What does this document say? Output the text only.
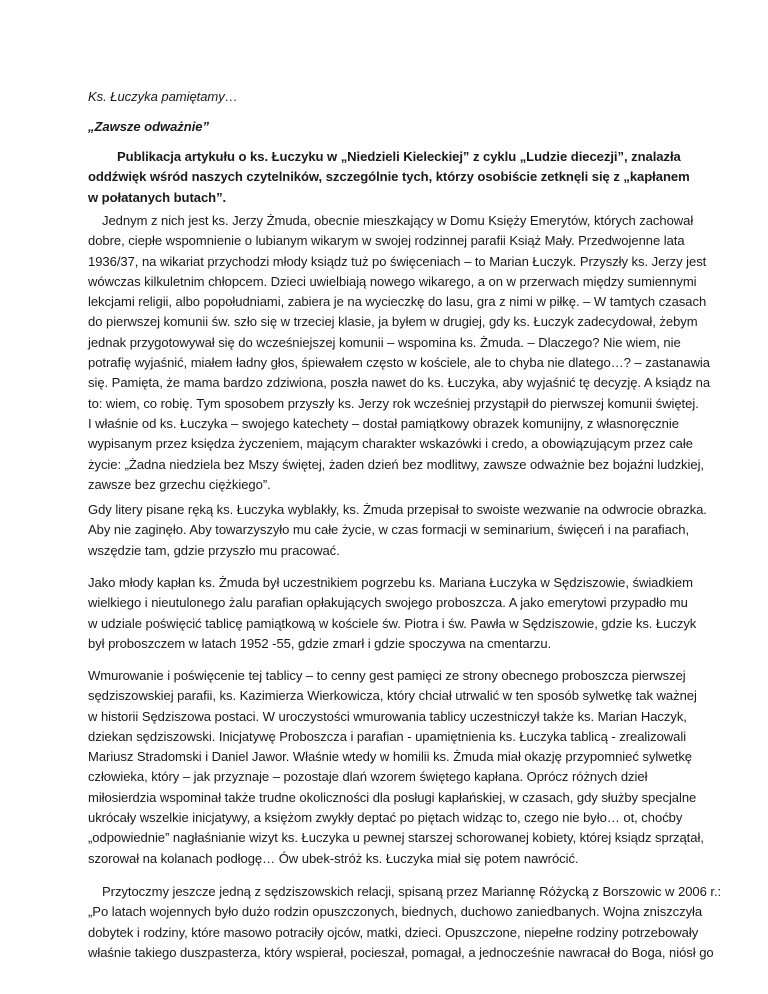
Ks. Łuczyka pamiętamy…
„Zawsze odważnie”
Publikacja artykułu o ks. Łuczyku w „Niedzieli Kieleckiej” z cyklu „Ludzie diecezji”, znalazła
oddźwięk wśród naszych czytelników, szczególnie tych, którzy osobiście zetknęli się z „kapłanem
w połatanych butach”.
Jednym z nich jest ks. Jerzy Żmuda, obecnie mieszkający w Domu Księży Emerytów, których zachował
dobre, ciepłe wspomnienie o lubianym wikarym w swojej rodzinnej parafii Książ Mały. Przedwojenne lata
1936/37, na wikariat przychodzi młody ksiądz tuż po święceniach – to Marian Łuczyk. Przyszły ks. Jerzy jest
wówczas kilkuletnim chłopcem. Dzieci uwielbiają nowego wikarego, a on w przerwach między sumiennymi
lekcjami religii, albo popołudniami, zabiera je na wycieczkę do lasu, gra z nimi w piłkę. – W tamtych czasach
do pierwszej komunii św. szło się w trzeciej klasie, ja byłem w drugiej, gdy ks. Łuczyk zadecydował, żebym
jednak przygotowywał się do wcześniejszej komunii – wspomina ks. Żmuda. – Dlaczego? Nie wiem, nie
potrafię wyjaśnić, miałem ładny głos, śpiewałem często w kościele, ale to chyba nie dlatego…? – zastanawia
się. Pamięta, że mama bardzo zdziwiona, poszła nawet do ks. Łuczyka, aby wyjaśnić tę decyzję. A ksiądz na
to: wiem, co robię. Tym sposobem przyszły ks. Jerzy rok wcześniej przystąpił do pierwszej komunii świętej.
I właśnie od ks. Łuczyka – swojego katechety – dostał pamiątkowy obrazek komunijny, z własnoręcznie
wypisanym przez księdza życzeniem, mającym charakter wskazówki i credo, a obowiązującym przez całe
życie: „Żadna niedziela bez Mszy świętej, żaden dzień bez modlitwy, zawsze odważnie bez bojaźni ludzkiej,
zawsze bez grzechu ciężkiego”.
Gdy litery pisane ręką ks. Łuczyka wyblakły, ks. Żmuda przepisał to swoiste wezwanie na odwrocie obrazka.
Aby nie zaginęło. Aby towarzyszyło mu całe życie, w czas formacji w seminarium, święceń i na parafiach,
wszędzie tam, gdzie przyszło mu pracować.
Jako młody kapłan ks. Żmuda był uczestnikiem pogrzebu ks. Mariana Łuczyka w Sędziszowie, świadkiem
wielkiego i nieutulonego żalu parafian opłakujących swojego proboszcza. A jako emerytowi przypadło mu
w udziale poświęcić tablicę pamiątkową w kościele św. Piotra i św. Pawła w Sędziszowie, gdzie ks. Łuczyk
był proboszczem w latach 1952 -55, gdzie zmarł i gdzie spoczywa na cmentarzu.
Wmurowanie i poświęcenie tej tablicy – to cenny gest pamięci ze strony obecnego proboszcza pierwszej
sędziszowskiej parafii, ks. Kazimierza Wierkowicza, który chciał utrwalić w ten sposób sylwetkę tak ważnej
w historii Sędziszowa postaci. W uroczystości wmurowania tablicy uczestniczył także ks. Marian Haczyk,
dziekan sędziszowski. Inicjatywę Proboszcza i parafian - upamiętnienia ks. Łuczyka tablicą - zrealizowali
Mariusz Stradomski i Daniel Jawor. Właśnie wtedy w homilii ks. Żmuda miał okazję przypomnieć sylwetkę
człowieka, który – jak przyznaje – pozostaje dlań wzorem świętego kapłana. Oprócz różnych dzieł
miłosierdzia wspominał także trudne okoliczności dla posługi kapłańskiej, w czasach, gdy służby specjalne
ukrócały wszelkie inicjatywy, a księżom zwykły deptać po piętach widząc to, czego nie było… ot, choćby
„odpowiednie” nagłaśnianie wizyt ks. Łuczyka u pewnej starszej schorowanej kobiety, której ksiądz sprzątał,
szorował na kolanach podłogę… Ów ubek-stróż ks. Łuczyka miał się potem nawrócić.
Przytoczmy jeszcze jedną z sędziszowskich relacji, spisaną przez Mariannę Różycką z Borszowic w 2006 r.:
„Po latach wojennych było dużo rodzin opuszczonych, biednych, duchowo zaniedbanych. Wojna zniszczyła
dobytek i rodziny, które masowo potraciły ojców, matki, dzieci. Opuszczone, niepełne rodziny potrzebowały
właśnie takiego duszpasterza, który wspierał, pocieszał, pomagał, a jednocześnie nawracał do Boga, niósł go
